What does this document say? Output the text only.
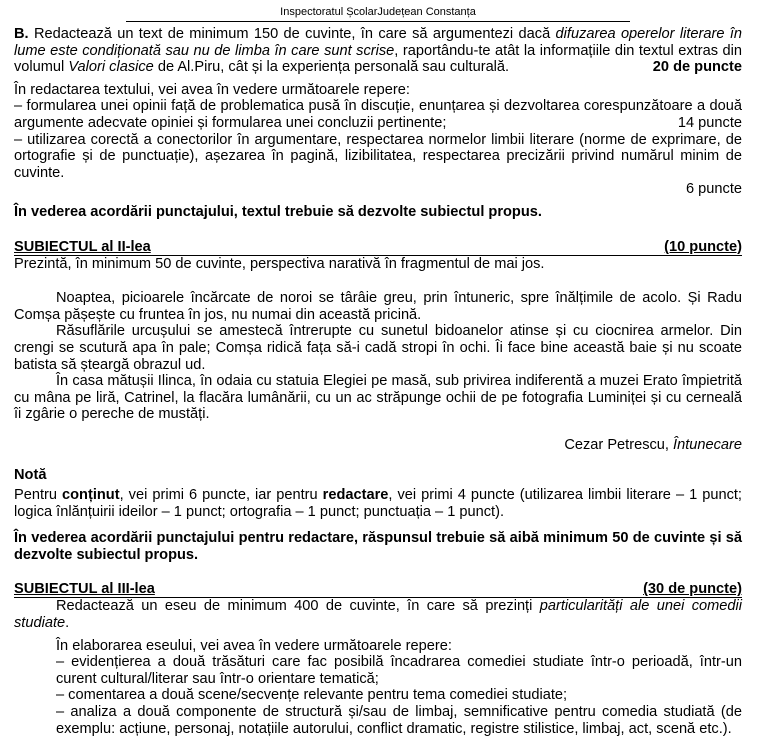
Inspectoratul ȘcolarJudețean Constanța

B. Redactează un text de minimum 150 de cuvinte, în care să argumentezi dacă difuzarea operelor literare în lume este condiționată sau nu de limba în care sunt scrise, raportându-te atât la informațiile din textul extras din volumul Valori clasice de Al.Piru, cât și la experiența personală sau culturală.	20 de puncte

În redactarea textului, vei avea în vedere următoarele repere:

– formularea unei opinii față de problematica pusă în discuție, enunțarea și dezvoltarea corespunzătoare a două argumente adecvate opiniei și formularea unei concluzii pertinente;	14 puncte

– utilizarea corectă a conectorilor în argumentare, respectarea normelor limbii literare (norme de exprimare, de ortografie și de punctuație), așezarea în pagină, lizibilitatea, respectarea precizării privind numărul minim de cuvinte.

6 puncte

În vederea acordării punctajului, textul trebuie să dezvolte subiectul propus.

SUBIECTUL al II-lea	(10 puncte)

Prezintă, în minimum 50 de cuvinte, perspectiva narativă în fragmentul de mai jos.

Noaptea, picioarele încărcate de noroi se târâie greu, prin întuneric, spre înălțimile de acolo. Și Radu Comșa pășește cu fruntea în jos, nu numai din această pricină.

Răsuflările urcușului se amestecă întrerupte cu sunetul bidoanelor atinse și cu ciocnirea armelor. Din crengi se scutură apa în pale; Comșa ridică fața să-i cadă stropi în ochi. Îi face bine această baie și nu scoate batista să șteargă obrazul ud.

În casa mătușii Ilinca, în odaia cu statuia Elegiei pe masă, sub privirea indiferentă a muzei Erato împietrită cu mâna pe liră, Catrinel, la flacăra lumânării, cu un ac străpunge ochii de pe fotografia Luminiței și cu cerneală îi zgârie o pereche de mustăți.

Cezar Petrescu, Întunecare

Notă

Pentru conținut, vei primi 6 puncte, iar pentru redactare, vei primi 4 puncte (utilizarea limbii literare – 1 punct; logica înlănțuirii ideilor – 1 punct; ortografia – 1 punct; punctuația – 1 punct).

În vederea acordării punctajului pentru redactare, răspunsul trebuie să aibă minimum 50 de cuvinte și să dezvolte subiectul propus.

SUBIECTUL al III-lea	(30 de puncte)

Redactează un eseu de minimum 400 de cuvinte, în care să prezinți particularități ale unei comedii studiate.

În elaborarea eseului, vei avea în vedere următoarele repere:

– evidențierea a două trăsături care fac posibilă încadrarea comediei studiate într-o perioadă, într-un curent cultural/literar sau într-o orientare tematică;

– comentarea a două scene/secvențe relevante pentru tema comediei studiate;

– analiza a două componente de structură și/sau de limbaj, semnificative pentru comedia studiată (de exemplu: acțiune, personaj, notațiile autorului, conflict dramatic, registre stilistice, limbaj, act, scenă etc.).
